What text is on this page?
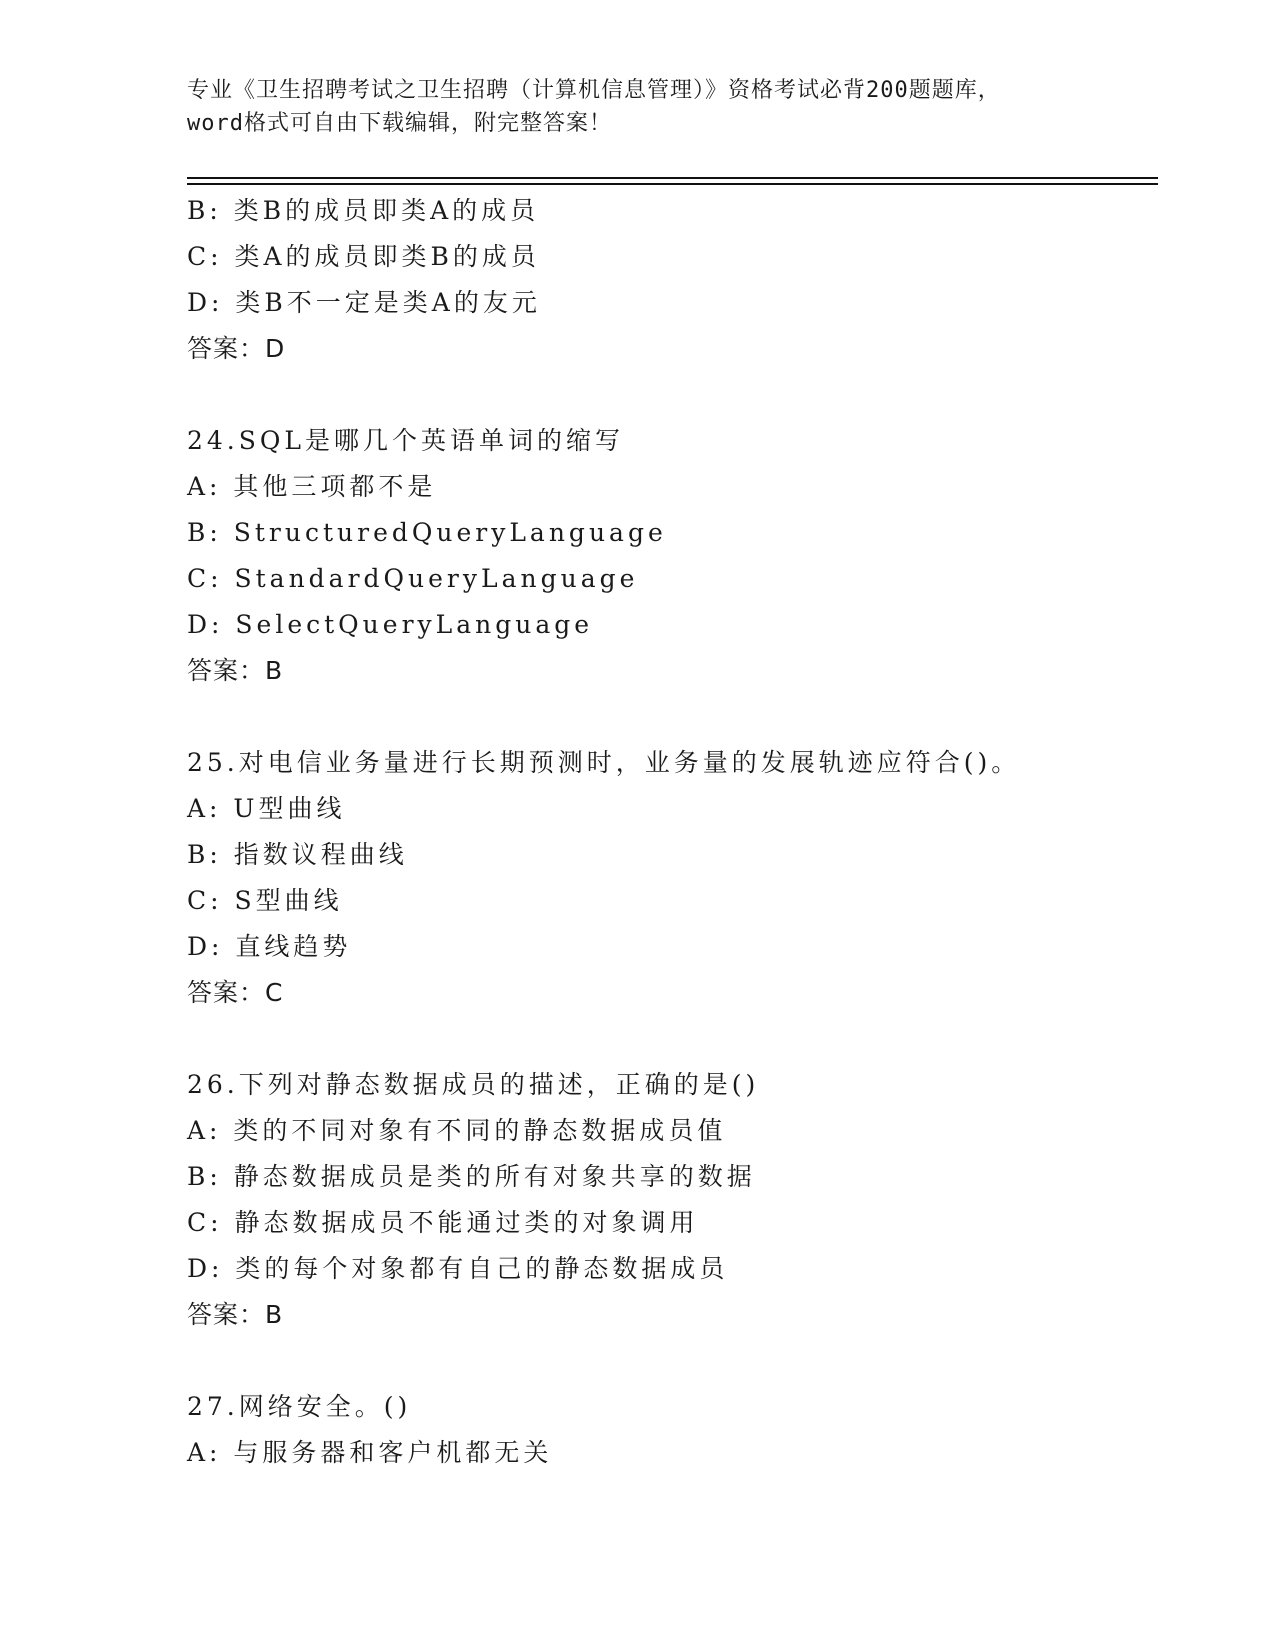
专业《卫生招聘考试之卫生招聘（计算机信息管理）》资格考试必背200题题库，
word格式可自由下载编辑，附完整答案！
B: 类B的成员即类A的成员
C: 类A的成员即类B的成员
D: 类B不一定是类A的友元
答案：D
24.SQL是哪几个英语单词的缩写
A: 其他三项都不是
B: StructuredQueryLanguage
C: StandardQueryLanguage
D: SelectQueryLanguage
答案：B
25.对电信业务量进行长期预测时，业务量的发展轨迹应符合()。
A: U型曲线
B: 指数议程曲线
C: S型曲线
D: 直线趋势
答案：C
26.下列对静态数据成员的描述，正确的是()
A: 类的不同对象有不同的静态数据成员值
B: 静态数据成员是类的所有对象共享的数据
C: 静态数据成员不能通过类的对象调用
D: 类的每个对象都有自己的静态数据成员
答案：B
27.网络安全。()
A: 与服务器和客户机都无关
